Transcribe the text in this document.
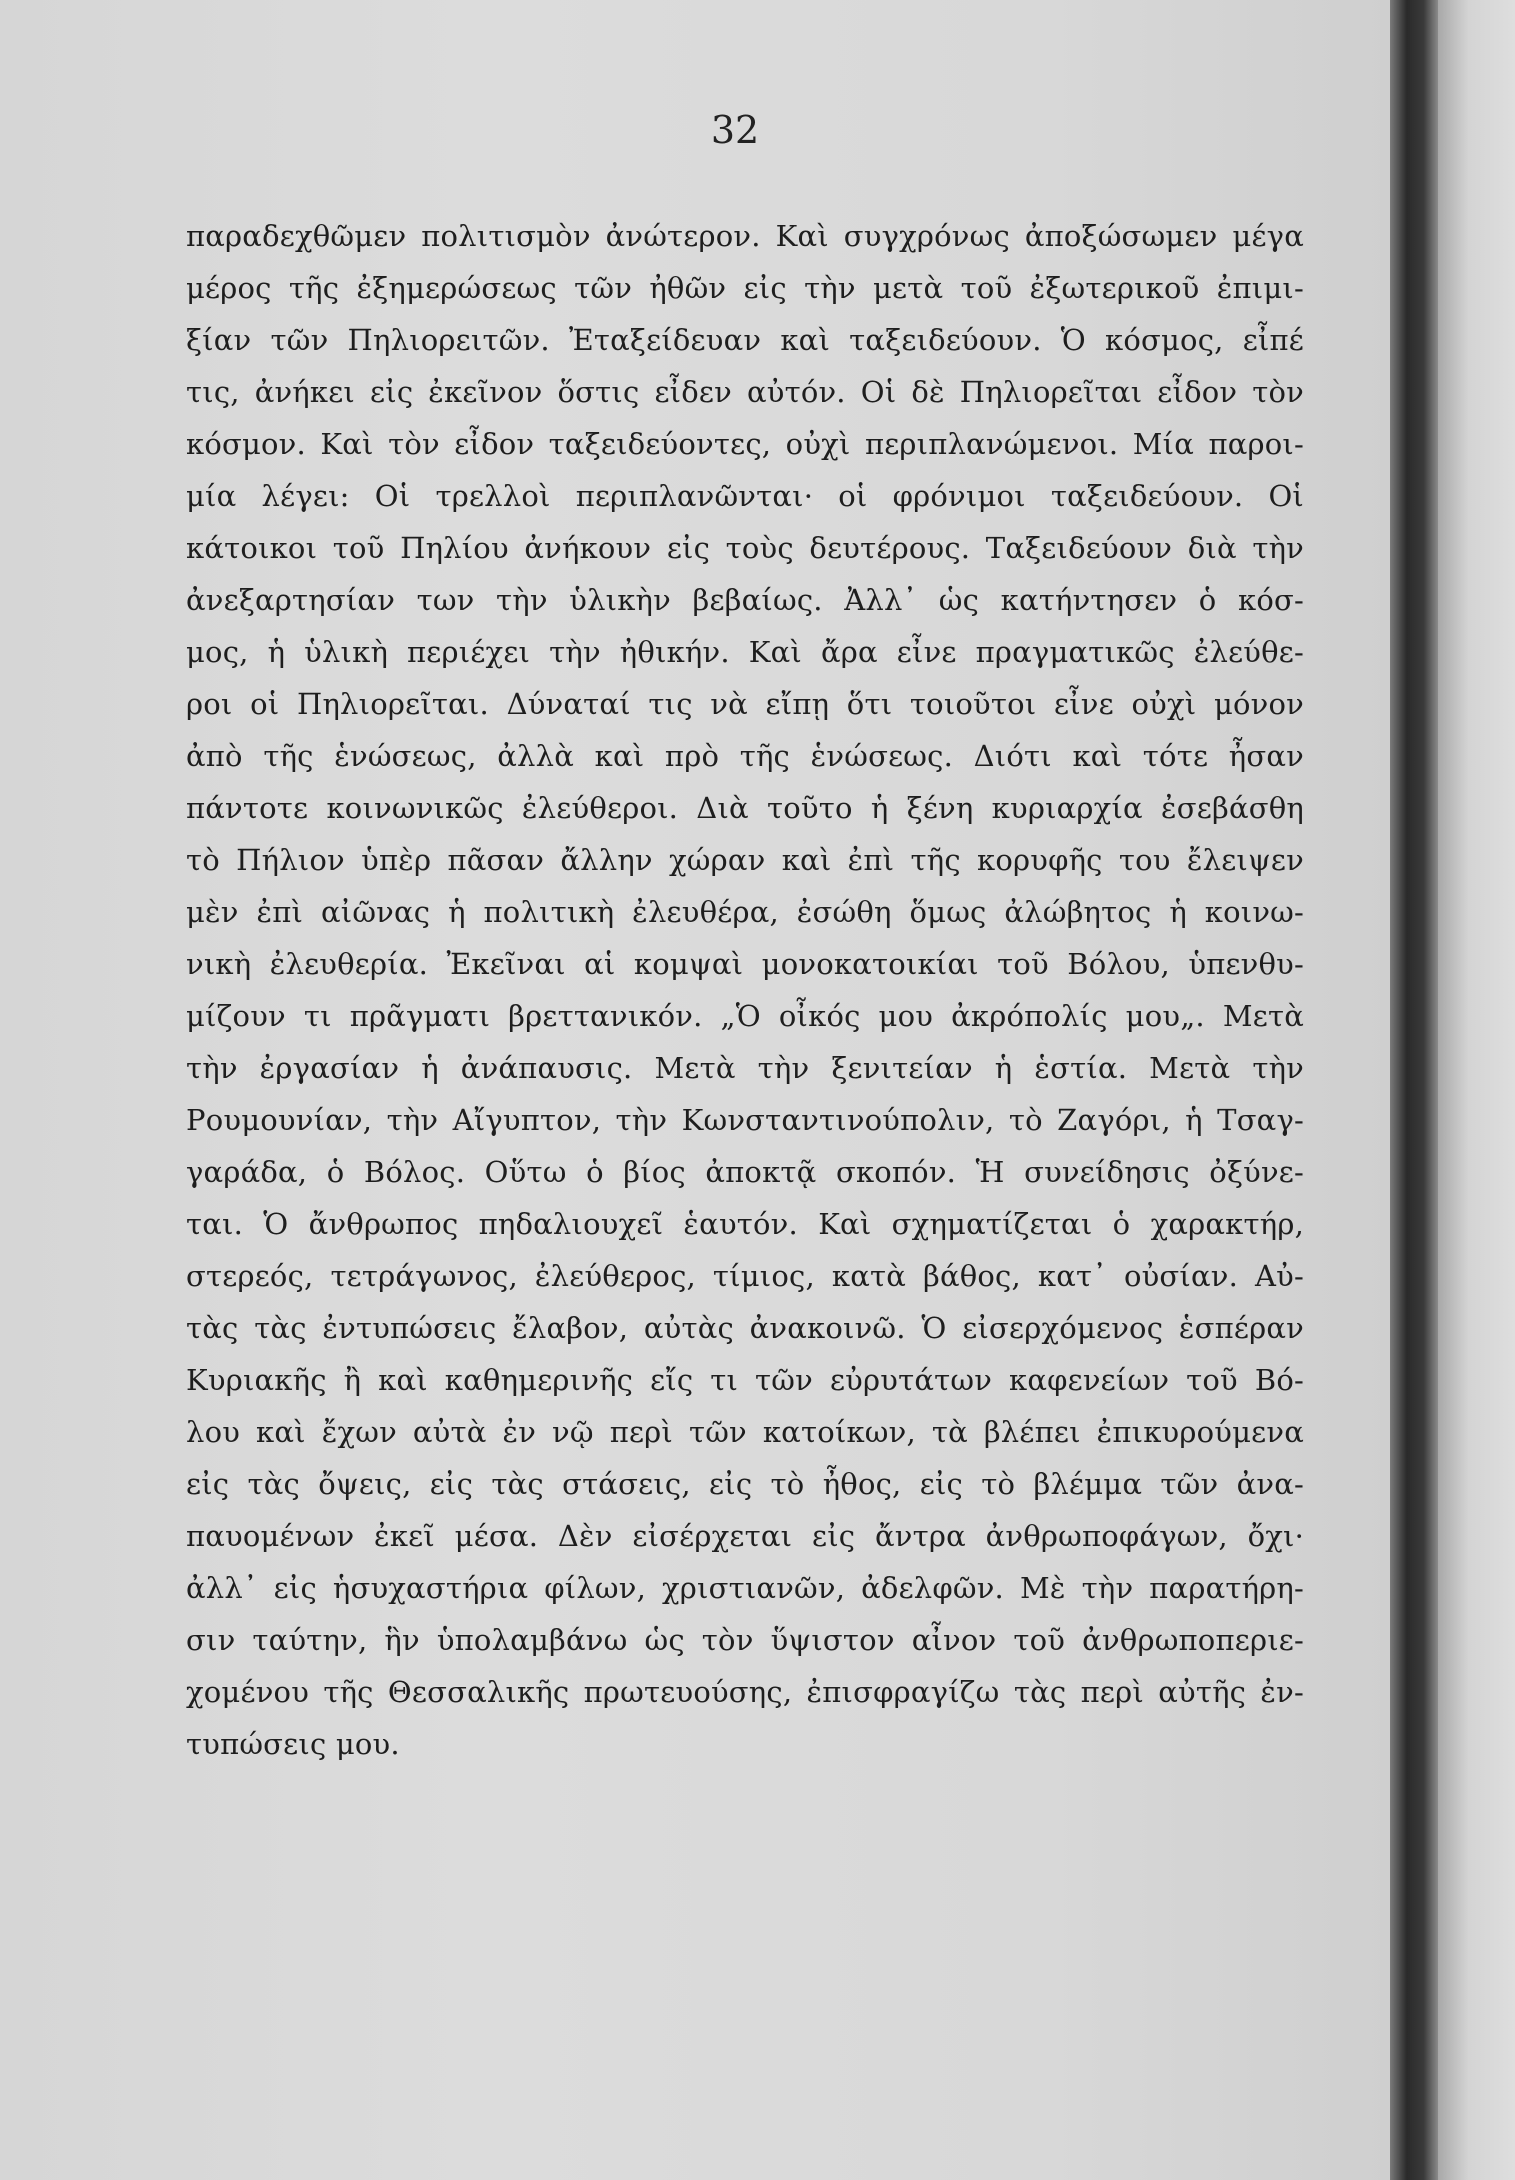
32
παραδεχθῶμεν πολιτισμὸν ἀνώτερον. Καὶ συγχρόνως ἀποξώσωμεν μέγα
μέρος τῆς ἐξημερώσεως τῶν ἠθῶν εἰς τὴν μετὰ τοῦ ἐξωτερικοῦ ἐπιμι-
ξίαν τῶν Πηλιορειτῶν. Ἐταξείδευαν καὶ ταξειδεύουν. Ὁ κόσμος, εἶπέ
τις, ἀνήκει εἰς ἐκεῖνον ὅστις εἶδεν αὐτόν. Οἱ δὲ Πηλιορεῖται εἶδον τὸν
κόσμον. Καὶ τὸν εἶδον ταξειδεύοντες, οὐχὶ περιπλανώμενοι. Μία παροι-
μία λέγει: Οἱ τρελλοὶ περιπλανῶνται· οἱ φρόνιμοι ταξειδεύουν. Οἱ
κάτοικοι τοῦ Πηλίου ἀνήκουν εἰς τοὺς δευτέρους. Ταξειδεύουν διὰ τὴν
ἀνεξαρτησίαν των τὴν ὑλικὴν βεβαίως. Ἀλλ᾽ ὡς κατήντησεν ὁ κόσ-
μος, ἡ ὑλικὴ περιέχει τὴν ἠθικήν. Καὶ ἄρα εἶνε πραγματικῶς ἐλεύθε-
ροι οἱ Πηλιορεῖται. Δύναταί τις νὰ εἴπῃ ὅτι τοιοῦτοι εἶνε οὐχὶ μόνον
ἀπὸ τῆς ἑνώσεως, ἀλλὰ καὶ πρὸ τῆς ἑνώσεως. Διότι καὶ τότε ἦσαν
πάντοτε κοινωνικῶς ἐλεύθεροι. Διὰ τοῦτο ἡ ξένη κυριαρχία ἐσεβάσθη
τὸ Πήλιον ὑπὲρ πᾶσαν ἄλλην χώραν καὶ ἐπὶ τῆς κορυφῆς του ἔλειψεν
μὲν ἐπὶ αἰῶνας ἡ πολιτικὴ ἐλευθέρα, ἐσώθη ὅμως ἀλώβητος ἡ κοινω-
νικὴ ἐλευθερία. Ἐκεῖναι αἱ κομψαὶ μονοκατοικίαι τοῦ Βόλου, ὑπενθυ-
μίζουν τι πρᾶγματι βρεττανικόν. „Ὁ οἶκός μου ἀκρόπολίς μου„. Μετὰ
τὴν ἐργασίαν ἡ ἀνάπαυσις. Μετὰ τὴν ξενιτείαν ἡ ἑστία. Μετὰ τὴν
Ρουμουνίαν, τὴν Αἴγυπτον, τὴν Κωνσταντινούπολιν, τὸ Ζαγόρι, ἡ Τσαγ-
γαράδα, ὁ Βόλος. Οὕτω ὁ βίος ἀποκτᾷ σκοπόν. Ἡ συνείδησις ὀξύνε-
ται. Ὁ ἄνθρωπος πηδαλιουχεῖ ἑαυτόν. Καὶ σχηματίζεται ὁ χαρακτήρ,
στερεός, τετράγωνος, ἐλεύθερος, τίμιος, κατὰ βάθος, κατ᾽ οὐσίαν. Αὐ-
τὰς τὰς ἐντυπώσεις ἔλαβον, αὐτὰς ἀνακοινῶ. Ὁ εἰσερχόμενος ἑσπέραν
Κυριακῆς ἢ καὶ καθημερινῆς εἴς τι τῶν εὐρυτάτων καφενείων τοῦ Βό-
λου καὶ ἔχων αὐτὰ ἐν νῷ περὶ τῶν κατοίκων, τὰ βλέπει ἐπικυρούμενα
εἰς τὰς ὄψεις, εἰς τὰς στάσεις, εἰς τὸ ἦθος, εἰς τὸ βλέμμα τῶν ἀνα-
παυομένων ἐκεῖ μέσα. Δὲν εἰσέρχεται εἰς ἄντρα ἀνθρωποφάγων, ὄχι·
ἀλλ᾽ εἰς ἡσυχαστήρια φίλων, χριστιανῶν, ἀδελφῶν. Μὲ τὴν παρατήρη-
σιν ταύτην, ἣν ὑπολαμβάνω ὡς τὸν ὕψιστον αἶνον τοῦ ἀνθρωποπεριε-
χομένου τῆς Θεσσαλικῆς πρωτευούσης, ἐπισφραγίζω τὰς περὶ αὐτῆς ἐν-
τυπώσεις μου.
